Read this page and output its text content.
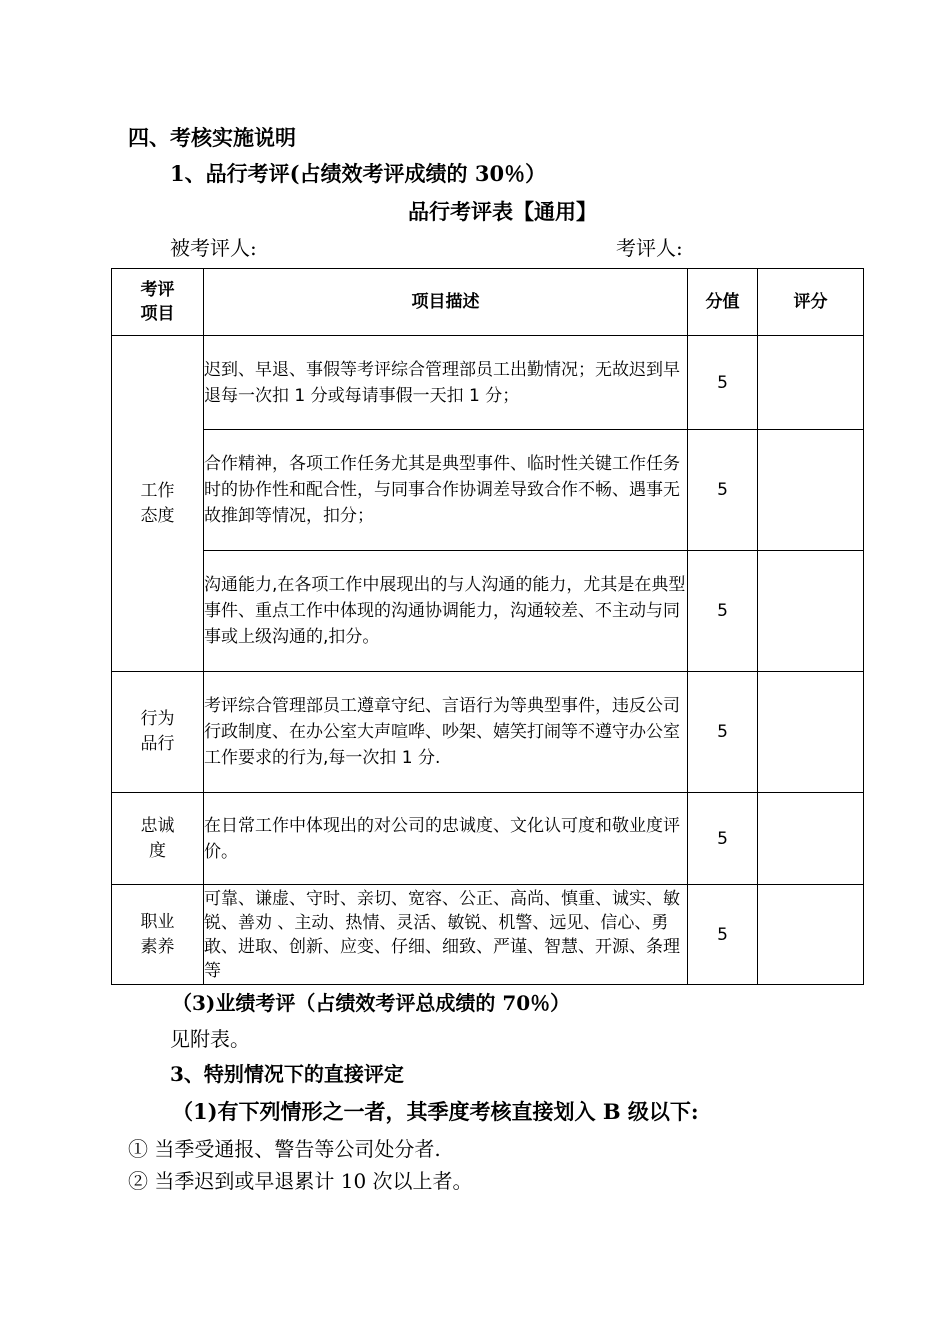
四、考核实施说明
1、品行考评(占绩效考评成绩的 30％）
品行考评表【通用】
被考评人:	考评人:
考评
项目	项目描述	分值	评分
工作
态度	迟到、早退、事假等考评综合管理部员工出勤情况；无故迟到早退每一次扣 1 分或每请事假一天扣 1 分；	5	
	合作精神，各项工作任务尤其是典型事件、临时性关键工作任务时的协作性和配合性，与同事合作协调差导致合作不畅、遇事无故推卸等情况，扣分；	5	
	沟通能力,在各项工作中展现出的与人沟通的能力，尤其是在典型事件、重点工作中体现的沟通协调能力，沟通较差、不主动与同事或上级沟通的,扣分。	5	
行为
品行	考评综合管理部员工遵章守纪、言语行为等典型事件，违反公司行政制度、在办公室大声喧哗、吵架、嬉笑打闹等不遵守办公室工作要求的行为,每一次扣 1 分.	5	
忠诚
度	在日常工作中体现出的对公司的忠诚度、文化认可度和敬业度评价。	5	
职业
素养	可靠、谦虚、守时、亲切、宽容、公正、高尚、慎重、诚实、敏锐、善劝 、主动、热情、灵活、敏锐、机警、远见、信心、勇敢、进取、创新、应变、仔细、细致、严谨、智慧、开源、条理等	5	
（3)业绩考评（占绩效考评总成绩的 70％）
见附表。
3、特别情况下的直接评定
（1)有下列情形之一者，其季度考核直接划入 B 级以下:
① 当季受通报、警告等公司处分者.
② 当季迟到或早退累计 10 次以上者。
